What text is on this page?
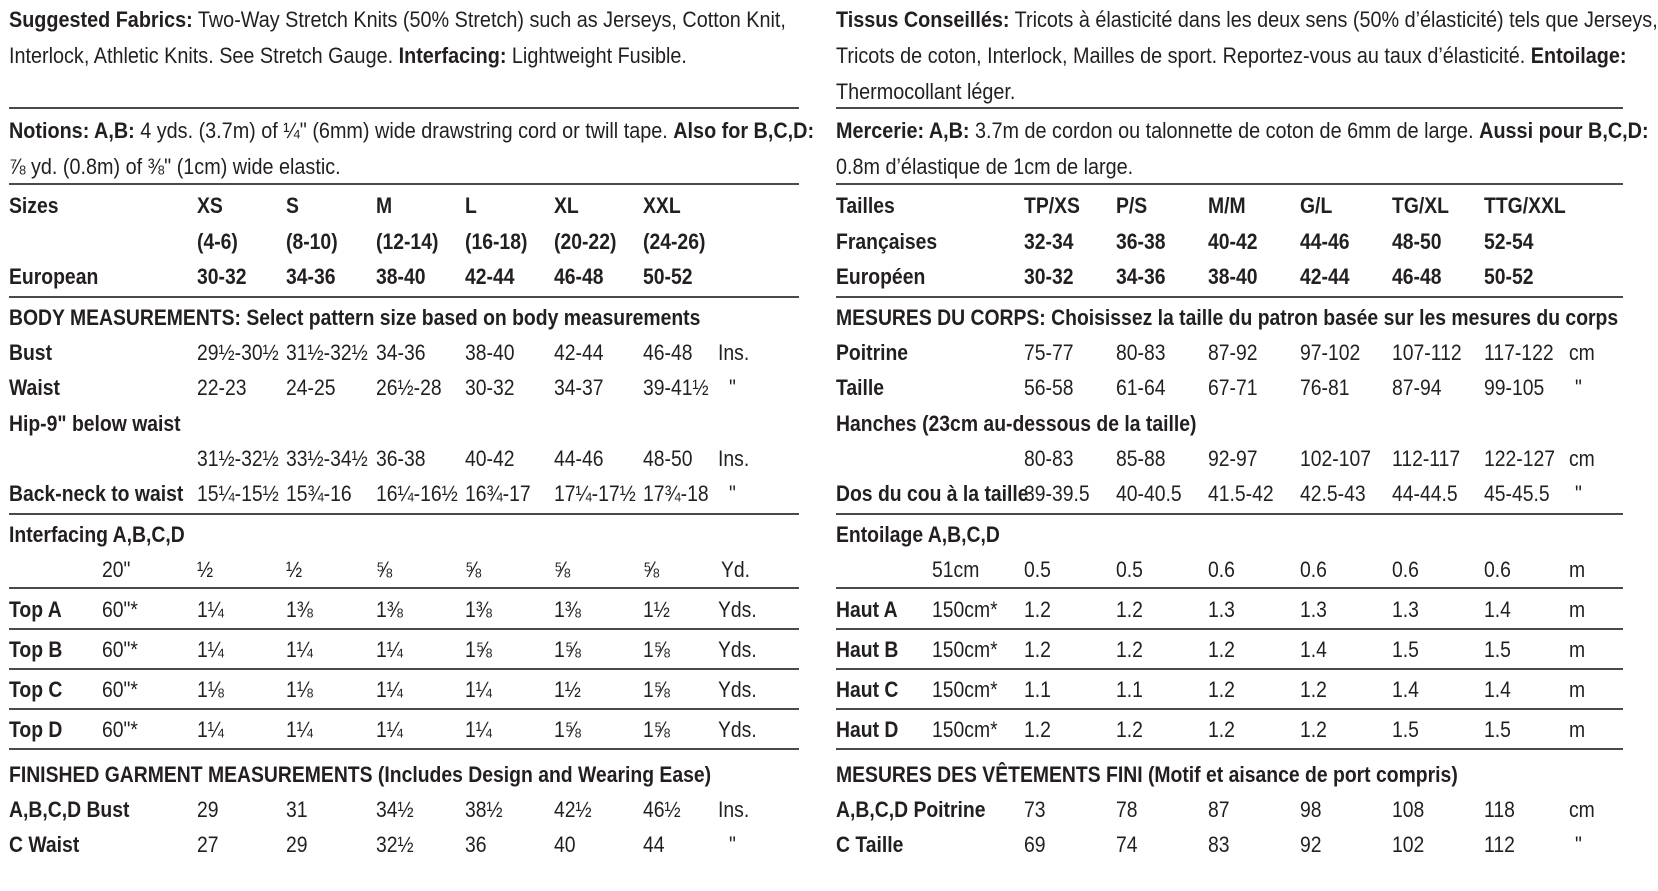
Suggested Fabrics: Two-Way Stretch Knits (50% Stretch) such as Jerseys, Cotton Knit,
Interlock, Athletic Knits. See Stretch Gauge. Interfacing: Lightweight Fusible.
Notions: A,B: 4 yds. (3.7m) of ¼" (6mm) wide drawstring cord or twill tape. Also for B,C,D:
⅞ yd. (0.8m) of ⅜" (1cm) wide elastic.
Sizes	XS	S	M	L	XL	XXL
(4-6) (8-10) (12-14) (16-18) (20-22) (24-26)
European	30-32 34-36 38-40 42-44 46-48 50-52
BODY MEASUREMENTS: Select pattern size based on body measurements
Bust	29½-30½ 31½-32½ 34-36 38-40 42-44 46-48 Ins.
Waist	22-23 24-25 26½-28 30-32 34-37 39-41½ "
Hip-9" below waist
31½-32½ 33½-34½ 36-38 40-42 44-46 48-50 Ins.
Back-neck to waist 15¼-15½ 15¾-16 16¼-16½ 16¾-17 17¼-17½ 17¾-18 "
Interfacing A,B,C,D
20"	½	½	⅝	⅝	⅝	⅝	Yd.
Top A 60"*	1¼	1⅜	1⅜	1⅜	1⅜	1½ Yds.
Top B 60"*	1¼	1¼	1¼	1⅝	1⅝	1⅝ Yds.
Top C 60"*	1⅛	1⅛	1¼	1¼	1½	1⅝ Yds.
Top D 60"*	1¼	1¼	1¼	1¼	1⅝	1⅝ Yds.
FINISHED GARMENT MEASUREMENTS (Includes Design and Wearing Ease)
A,B,C,D Bust	29	31	34½ 38½ 42½ 46½ Ins.
C Waist	27	29	32½ 36	40	44	"
Tissus Conseillés: Tricots à élasticité dans les deux sens (50% d’élasticité) tels que Jerseys,
Tricots de coton, Interlock, Mailles de sport. Reportez-vous au taux d’élasticité. Entoilage:
Thermocollant léger.
Mercerie: A,B: 3.7m de cordon ou talonnette de coton de 6mm de large. Aussi pour B,C,D:
0.8m d’élastique de 1cm de large.
Tailles	TP/XS P/S	M/M G/L	TG/XL TTG/XXL
Françaises	32-34 36-38 40-42 44-46 48-50 52-54
Européen	30-32 34-36 38-40 42-44 46-48 50-52
MESURES DU CORPS: Choisissez la taille du patron basée sur les mesures du corps
Poitrine	75-77 80-83 87-92 97-102 107-112 117-122 cm
Taille	56-58 61-64 67-71 76-81 87-94 99-105 "
Hanches (23cm au-dessous de la taille)
80-83 85-88 92-97 102-107 112-117 122-127 cm
Dos du cou à la taille
39-39.5 40-40.5 41.5-42 42.5-43 44-44.5 45-45.5 "
Entoilage A,B,C,D
51cm 0.5	0.5	0.6	0.6	0.6	0.6	m
Haut A 150cm* 1.2	1.2	1.3	1.3	1.3	1.4	m
Haut B 150cm* 1.2	1.2	1.2	1.4	1.5	1.5	m
Haut C 150cm* 1.1	1.1	1.2	1.2	1.4	1.4	m
Haut D 150cm* 1.2	1.2	1.2	1.2	1.5	1.5	m
MESURES DES VÊTEMENTS FINI (Motif et aisance de port compris)
A,B,C,D Poitrine 73	78	87	98	108	118 cm
C Taille	69	74	83	92	102	112	"
